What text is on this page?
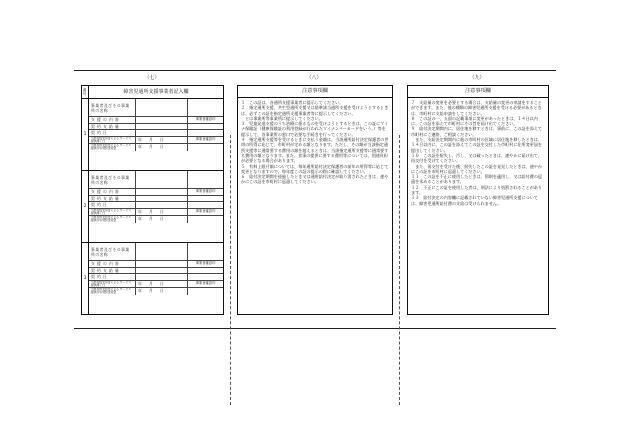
（七）	（八）	（九）
番号
1
2
3
障害児通所支援事業者記入欄
事業者及びその事業所の名称
支 援 の 内 容	事業者確認印
契 約 支 給 量
契 約 日
当該契約支給量による サービス提供終了日	年 月 日	事業者確認印
当該契約支給量による サービス提供中の契約支給量	年 月 日
事業者及びその事業所の名称
支 援 の 内 容	事業者確認印
契 約 支 給 量
契 約 日
当該契約支給量による サービス提供終了日	年 月 日	事業者確認印
当該契約支給量による サービス提供中の契約支給量	年 月 日
事業者及びその事業所の名称
支 援 の 内 容	事業者確認印
契 約 支 給 量
契 約 日
当該契約支給量による サービス提供終了日	年 月 日	事業者確認印
当該契約支給量による サービス提供中の契約支給量	年 月 日
注意事項欄
１　この証は、各通所支援事業者に提示してください。
２　指定通所支援、共生型通所支援又は基準該当通所支援を受けようとするときは、必ずこの証を指定通所支援事業者等に提示してください。
　とは事業所等事業所に提示してください。
３　児童発達支援のうち治療に係るものを受けようとするときは、この証にマイナ保険証（健康保険証の利用登録が行われたマイナンバーカードをいう。）等を提示して、各事業所の窓口で必要な手続きを行ってください。
４　指定通所支援等を受けるときに支払う金額は、当該通所給付決定保護者の世帯の所得に応じて、市町村が定める額となります。ただし、その額が当該指定通所支援等に通常要する費用の額を超えるときは、当該指定通所支援等に通常要する費用の額となります。また、食事の提供に要する費用等については、別途負担が必要となる場合があります。
５　有料上限月額については、毎年通所給付決定保護者の前年の所得等に応じて変更となりますので、毎年度この証の提示の際に確認してください。
６　給付決定期間を経過したとき又は通所給付決定が取り消されたときは、速やかにこの証を市町村に返還してください。
注意事項欄
７　支給量の変更を必要とする場合は、支給量の変更の申請をすることができます。また、他の種類の障害児通所支援を受ける必要があるときは、市町村に支給申請をしてください。
８　この証の一、五面の記載事項に変更があったときは、１４日以内に、この証を添えて市町村にその旨を届け出てください。
９　給付決定期間内に、居住地を移すときは、事前に、この証を添えて市町村にご連絡、ご相談ください。
　また、支給決定期間内に他の市町村の区域に居住地を移したときは、１４日以内に、この証を添えてこの証を交付した市町村に住所変更届を提出してください。
１０　この証を紛失し、汚し、又は破ったときは、速やかに届け出て、再交付を受けてください。
　また、再交付を受けた後、紛失したこの証を発見したときは、速やかにこの証を市町村に返還してください。
１１　この証を不正に使用したときは、罰則を適用し、又は給付費の返還を求めることがあります。
１２　不正にこの証を使用した者は、刑法により処罰されることがあります。
１３　給付決定の内容欄に記載されていない障害児通所支援については、障害児通所給付費の支給は受けられません。
